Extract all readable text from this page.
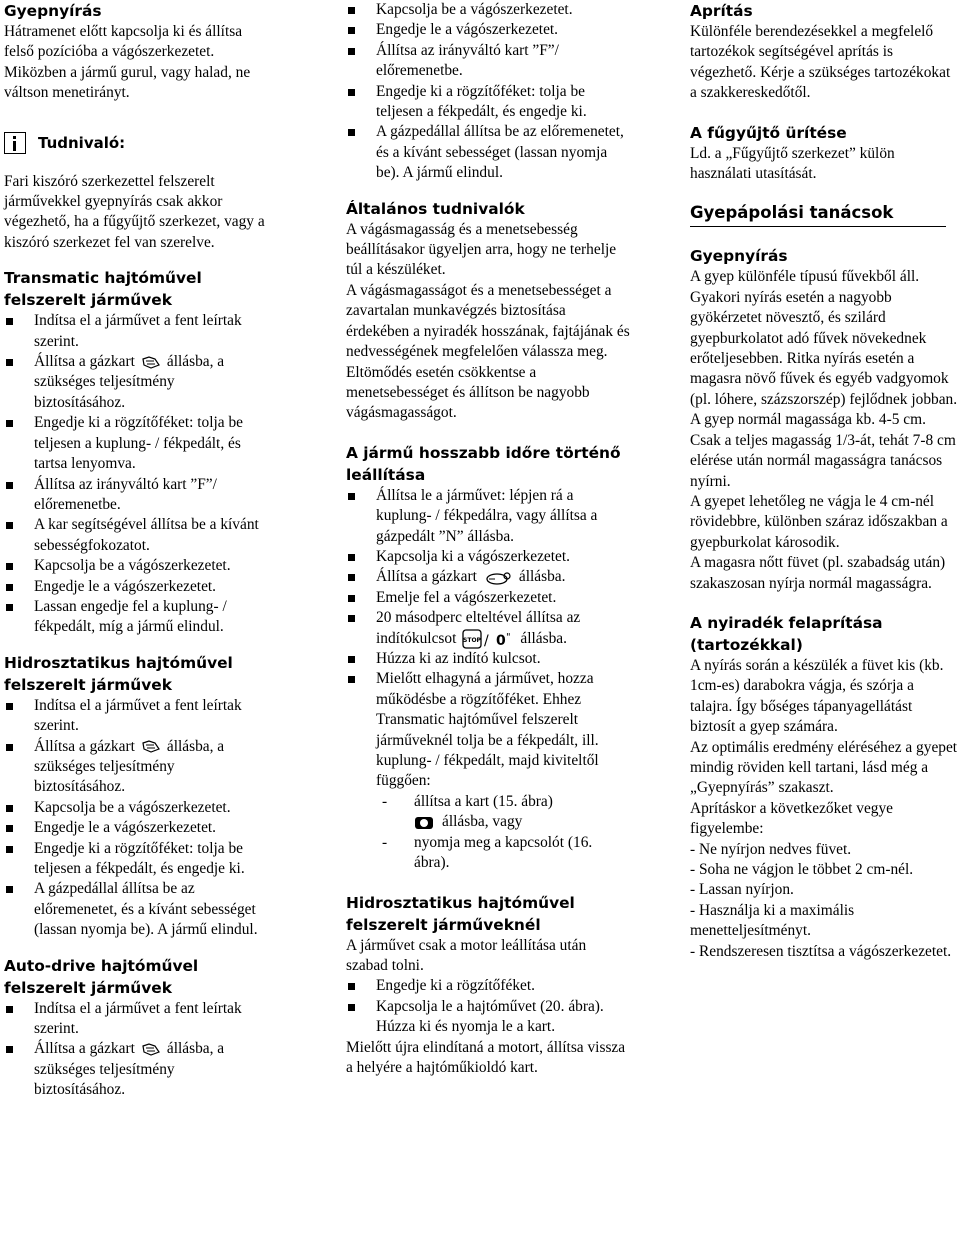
Gyepnyírás

Hátramenet előtt kapcsolja ki és állítsa felső pozícióba a vágószerkezetet. Miközben a jármű gurul, vagy halad, ne váltson menetirányt.

Tudnivaló:

Fari kiszóró szerkezettel felszerelt járművekkel gyepnyírás csak akkor végezhető, ha a fűgyűjtő szerkezet, vagy a kiszóró szerkezet fel van szerelve.

Transmatic hajtóművel felszerelt járművek

Indítsa el a járművet a fent leírtak szerint.
Állítsa a gázkart állásba, a szükséges teljesítmény biztosításához.
Engedje ki a rögzítőféket: tolja be teljesen a kuplung- / fékpedált, és tartsa lenyomva.
Állítsa az irányváltó kart ”F”/ előremenetbe.
A kar segítségével állítsa be a kívánt sebességfokozatot.
Kapcsolja be a vágószerkezetet.
Engedje le a vágószerkezetet.
Lassan engedje fel a kuplung- / fékpedált, míg a jármű elindul.

Hidrosztatikus hajtóművel felszerelt járművek

Indítsa el a járművet a fent leírtak szerint.
Állítsa a gázkart állásba, a szükséges teljesítmény biztosításához.
Kapcsolja be a vágószerkezetet.
Engedje le a vágószerkezetet.
Engedje ki a rögzítőféket: tolja be teljesen a fékpedált, és engedje ki.
A gázpedállal állítsa be az előremenetet, és a kívánt sebességet (lassan nyomja be). A jármű elindul.

Auto-drive hajtóművel felszerelt járművek

Indítsa el a járművet a fent leírtak szerint.
Állítsa a gázkart állásba, a szükséges teljesítmény biztosításához.
Kapcsolja be a vágószerkezetet.
Engedje le a vágószerkezetet.
Állítsa az irányváltó kart ”F”/ előremenetbe.
Engedje ki a rögzítőféket: tolja be teljesen a fékpedált, és engedje ki.
A gázpedállal állítsa be az előremenetet, és a kívánt sebességet (lassan nyomja be). A jármű elindul.

Általános tudnivalók

A vágásmagasság és a menetsebesség beállításakor ügyeljen arra, hogy ne terhelje túl a készüléket.

A vágásmagasságot és a menetsebességet a zavartalan munkavégzés biztosítása érdekében a nyiradék hosszának, fajtájának és nedvességének megfelelően válassza meg.

Eltömődés esetén csökkentse a menetsebességet és állítson be nagyobb vágásmagasságot.

A jármű hosszabb időre történő leállítása

Állítsa le a járművet: lépjen rá a kuplung- / fékpedálra, vagy állítsa a gázpedált ”N” állásba.
Kapcsolja ki a vágószerkezetet.
Állítsa a gázkart	állásba.
Emelje fel a vágószerkezetet.
20 másodperc elteltével állítsa az indítókulcsot STOP / 0 " állásba.
Húzza ki az indító kulcsot.
Mielőtt elhagyná a járművet, hozza működésbe a rögzítőféket. Ehhez Transmatic hajtóművel felszerelt járműveknél tolja be a fékpedált, ill. kuplung- / fékpedált, majd kiviteltől függően:
- állítsa a kart (15. ábra)
állásba, vagy
- nyomja meg a kapcsolót (16. ábra).

Hidrosztatikus hajtóművel felszerelt járműveknél

A járművet csak a motor leállítása után szabad tolni.

Engedje ki a rögzítőféket.
Kapcsolja le a hajtóművet (20. ábra). Húzza ki és nyomja le a kart.

Mielőtt újra elindítaná a motort, állítsa vissza a helyére a hajtóműkioldó kart.

Aprítás

Különféle berendezésekkel a megfelelő tartozékok segítségével aprítás is végezhető. Kérje a szükséges tartozékokat a szakkereskedőtől.

A fűgyűjtő ürítése

Ld. a „Fűgyűjtő szerkezet” külön használati utasítását.

Gyepápolási tanácsok

Gyepnyírás

A gyep különféle típusú fűvekből áll. Gyakori nyírás esetén a nagyobb gyökérzetet növesztő, és szilárd gyepburkolatot adó fűvek növekednek erőteljesebben. Ritka nyírás esetén a magasra növő fűvek és egyéb vadgyomok (pl. lóhere, százszorszép) fejlődnek jobban.

A gyep normál magassága kb. 4-5 cm. Csak a teljes magasság 1/3-át, tehát 7-8 cm elérése után normál magasságra tanácsos nyírni.

A gyepet lehetőleg ne vágja le 4 cm-nél rövidebbre, különben száraz időszakban a gyepburkolat károsodik.

A magasra nőtt füvet (pl. szabadság után) szakaszosan nyírja normál magasságra.

A nyiradék felaprítása (tartozékkal)

A nyírás során a készülék a füvet kis (kb. 1cm-es) darabokra vágja, és szórja a talajra. Így bőséges tápanyagellátást biztosít a gyep számára.

Az optimális eredmény eléréséhez a gyepet mindig röviden kell tartani, lásd még a „Gyepnyírás” szakaszt.

Aprításkor a következőket vegye figyelembe:

- Ne nyírjon nedves füvet.
- Soha ne vágjon le többet 2 cm-nél.
- Lassan nyírjon.
- Használja ki a maximális menetteljesítményt.
- Rendszeresen tisztítsa a vágószerkezetet.
